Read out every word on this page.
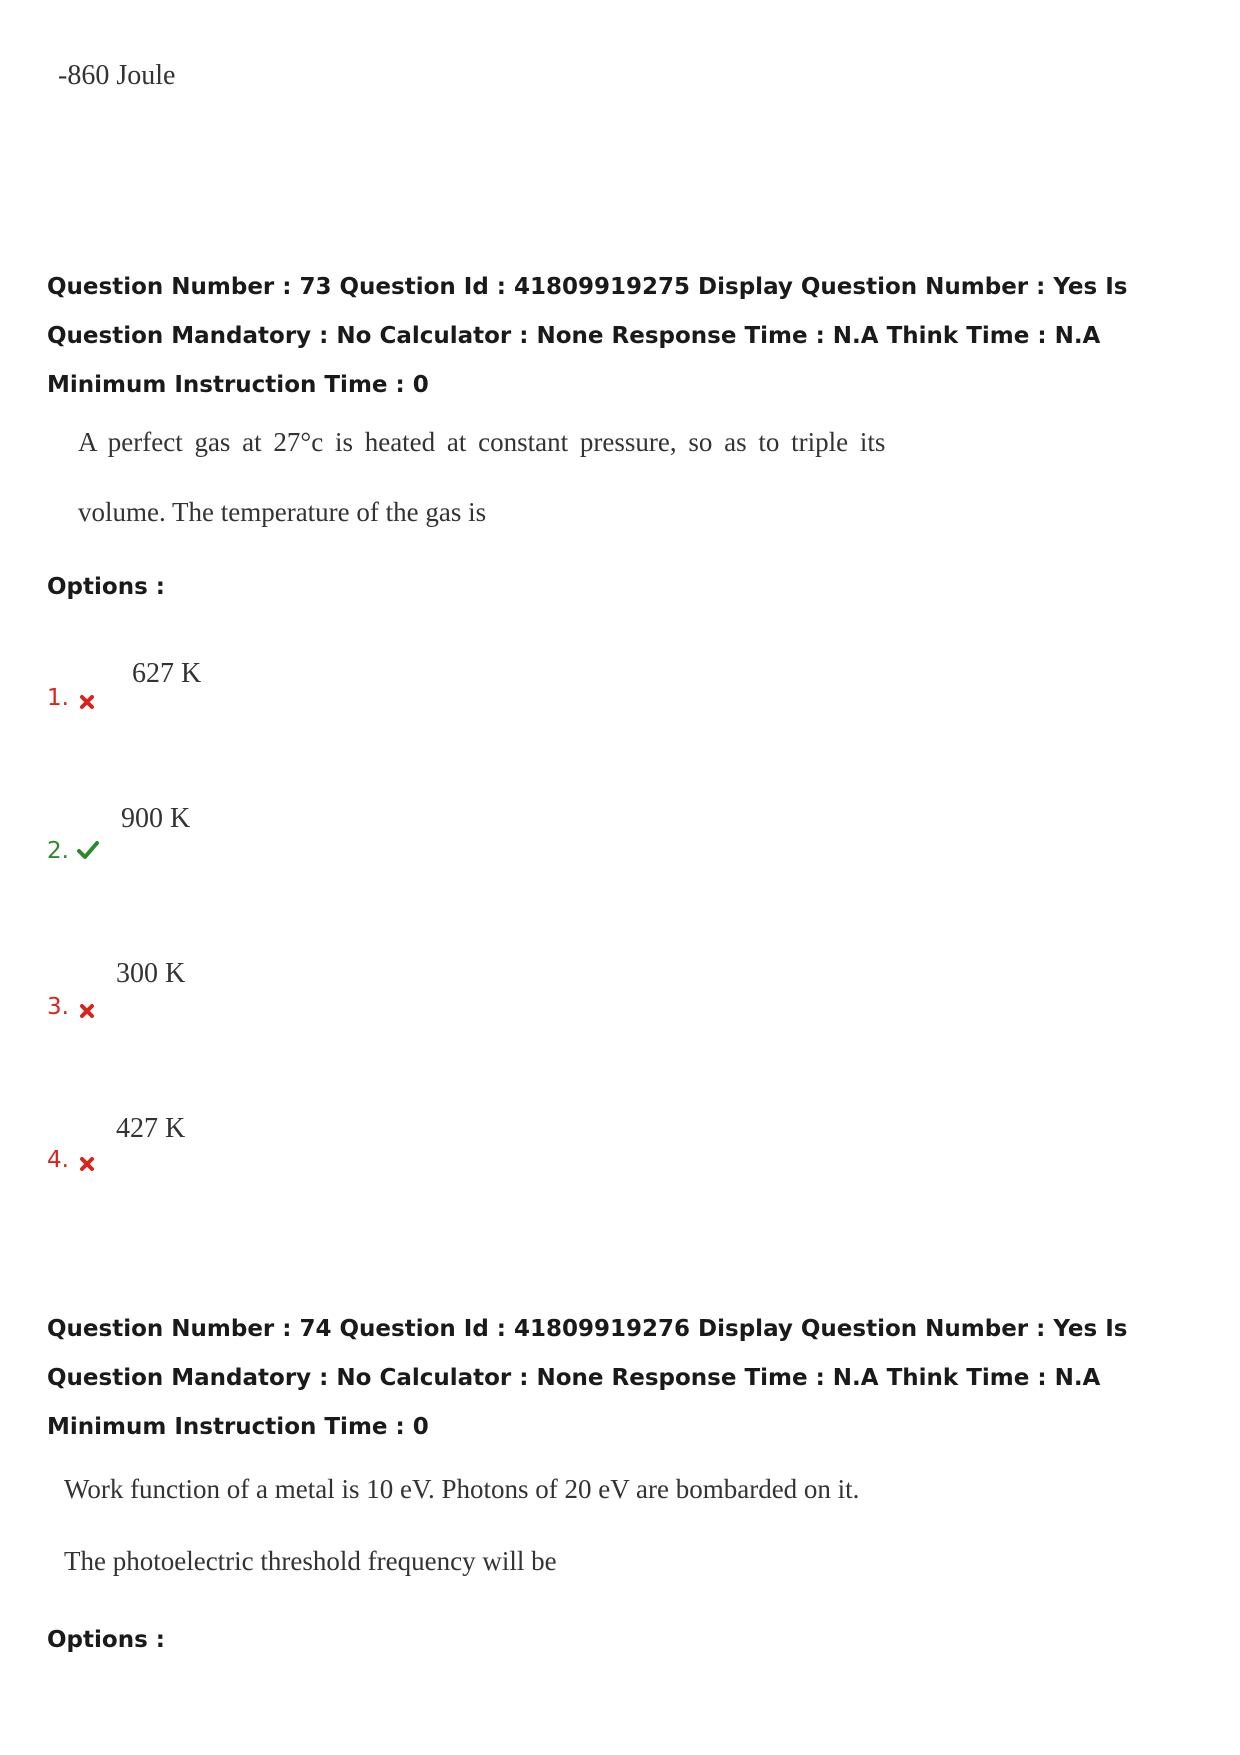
-860 Joule
Question Number : 73 Question Id : 41809919275 Display Question Number : Yes Is Question Mandatory : No Calculator : None Response Time : N.A Think Time : N.A Minimum Instruction Time : 0
A perfect gas at 27°c is heated at constant pressure, so as to triple its
volume. The temperature of the gas is
Options :
1.
627 K
2.
900 K
3.
300 K
4.
427 K
Question Number : 74 Question Id : 41809919276 Display Question Number : Yes Is Question Mandatory : No Calculator : None Response Time : N.A Think Time : N.A Minimum Instruction Time : 0
Work function of a metal is 10 eV. Photons of 20 eV are bombarded on it.
The photoelectric threshold frequency will be
Options :
